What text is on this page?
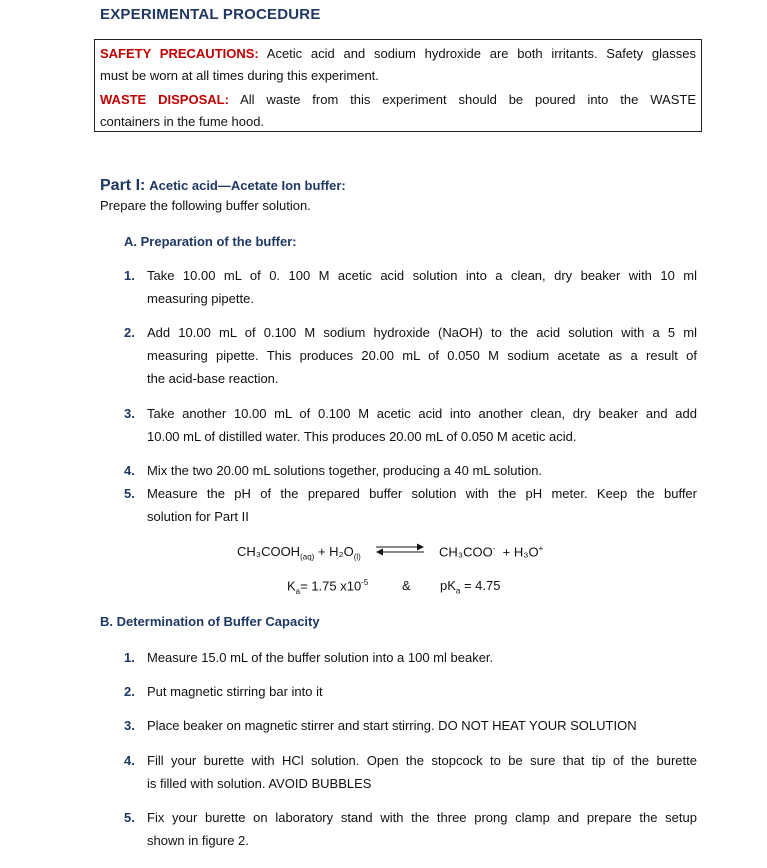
EXPERIMENTAL PROCEDURE
SAFETY PRECAUTIONS: Acetic acid and sodium hydroxide are both irritants. Safety glasses
must be worn at all times during this experiment.
WASTE DISPOSAL: All waste from this experiment should be poured into the WASTE
containers in the fume hood.
Part I: Acetic acid—Acetate Ion buffer:
Prepare the following buffer solution.
A. Preparation of the buffer:
1. Take 10.00 mL of 0. 100 M acetic acid solution into a clean, dry beaker with 10 ml
measuring pipette.
2. Add 10.00 mL of 0.100 M sodium hydroxide (NaOH) to the acid solution with a 5 ml
measuring pipette. This produces 20.00 mL of 0.050 M sodium acetate as a result of
the acid-base reaction.
3. Take another 10.00 mL of 0.100 M acetic acid into another clean, dry beaker and add
10.00 mL of distilled water. This produces 20.00 mL of 0.050 M acetic acid.
4. Mix the two 20.00 mL solutions together, producing a 40 mL solution.
5. Measure the pH of the prepared buffer solution with the pH meter. Keep the buffer
solution for Part II
$CH_3COOH_{(aq)} + H_2O_{(l)}$ ⇌ CH₃COO- + H₃O+
$K_a= 1.75$ $x10^{-5}$	& $pK_a = 4.75$
B. Determination of Buffer Capacity
1. Measure 15.0 mL of the buffer solution into a 100 ml beaker.
2. Put magnetic stirring bar into it
3. Place beaker on magnetic stirrer and start stirring. DO NOT HEAT YOUR SOLUTION
4. Fill your burette with HCl solution. Open the stopcock to be sure that tip of the burette
is filled with solution. AVOID BUBBLES
5. Fix your burette on laboratory stand with the three prong clamp and prepare the setup
shown in figure 2.
